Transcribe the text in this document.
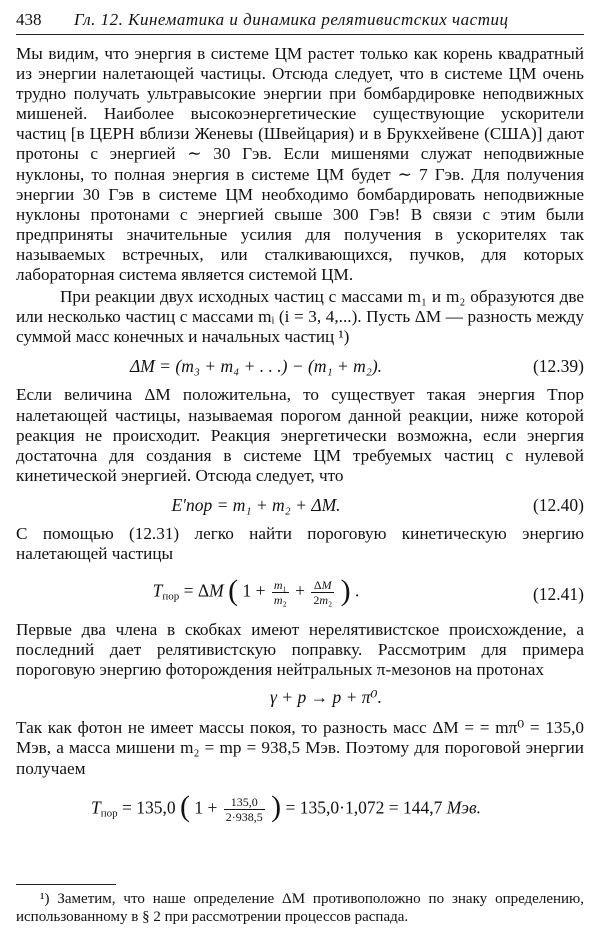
438 Гл. 12. Кинематика и динамика релятивистских частиц

Мы видим, что энергия в системе ЦМ растет только как корень квадратный из энергии налетающей частицы. Отсюда следует, что в системе ЦМ очень трудно получать ультравысокие энергии при бомбардировке неподвижных мишеней. Наиболее высокоэнергетические существующие ускорители частиц [в ЦЕРН вблизи Женевы (Швейцария) и в Брукхейвене (США)] дают протоны с энергией ∼ 30 Гэв. Если мишенями служат неподвижные нуклоны, то полная энергия в системе ЦМ будет ∼ 7 Гэв. Для получения энергии 30 Гэв в системе ЦМ необходимо бомбардировать неподвижные нуклоны протонами с энергией свыше 300 Гэв! В связи с этим были предприняты значительные усилия для получения в ускорителях так называемых встречных, или сталкивающихся, пучков, для которых лабораторная система является системой ЦМ.

При реакции двух исходных частиц с массами m₁ и m₂ образуются две или несколько частиц с массами mᵢ (i = 3, 4,...). Пусть ΔM — разность между суммой масс конечных и начальных частиц ¹)

ΔM = (m₃ + m₄ + . . .) − (m₁ + m₂).	(12.39)

Если величина ΔM положительна, то существует такая энергия Tпор налетающей частицы, называемая порогом данной реакции, ниже которой реакция не происходит. Реакция энергетически возможна, если энергия достаточна для создания в системе ЦМ требуемых частиц с нулевой кинетической энергией. Отсюда следует, что

E′пор = m₁ + m₂ + ΔM.	(12.40)

С помощью (12.31) легко найти пороговую кинетическую энергию налетающей частицы

$T_{пор} = \Delta M$ ( $1 + \frac{\text{m₁}}{\text{m₂}} + \frac{\Delta M}{\text{2m₂}}$ ) .	(12.41)

Первые два члена в скобках имеют нерелятивистское происхождение, а последний дает релятивистскую поправку. Рассмотрим для примера пороговую энергию фоторождения нейтральных π-мезонов на протонах

γ + p → p + π⁰.

Так как фотон не имеет массы покоя, то разность масс ΔM = = mπ⁰ = 135,0 Мэв, а масса мишени m₂ = mp = 938,5 Мэв. Поэтому для пороговой энергии получаем

$T_{пор} = 135,0$ ( $1 + \frac{135,0}{2\cdot 938,5}$ ) = 135,0·1,072 = 144,7 Мэв.
¹) Заметим, что наше определение ΔM противоположно по знаку определению, использованному в § 2 при рассмотрении процессов распада.
